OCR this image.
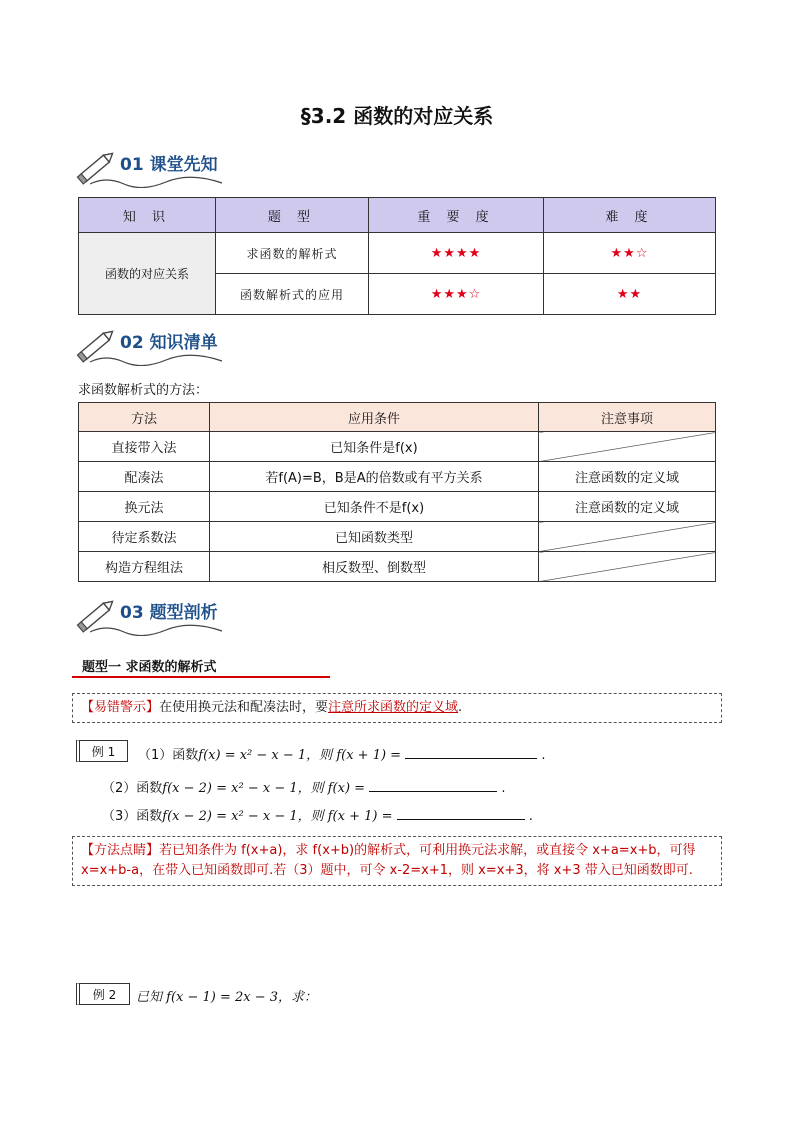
§3.2 函数的对应关系
01 课堂先知
知 识	题 型	重 要 度	难 度
函数的对应关系	求函数的解析式	★★★★	★★☆
	函数解析式的应用	★★★☆	★★
02 知识清单
求函数解析式的方法：
方法	应用条件	注意事项
直接带入法	已知条件是f(x)	
配凑法	若f(A)=B，B是A的倍数或有平方关系	注意函数的定义域
换元法	已知条件不是f(x)	注意函数的定义域
待定系数法	已知函数类型	
构造方程组法	相反数型、倒数型	
03 题型剖析
题型一 求函数的解析式
【易错警示】在使用换元法和配凑法时，要注意所求函数的定义域.
例 1	（1）函数f(x) = x² − x − 1，则 f(x + 1) =	.
（2）函数f(x − 2) = x² − x − 1，则 f(x) =	.
（3）函数f(x − 2) = x² − x − 1，则 f(x + 1) =	.
【方法点睛】若已知条件为 f(x+a)，求 f(x+b)的解析式，可利用换元法求解，或直接令 x+a=x+b，可得
x=x+b-a，在带入已知函数即可.若（3）题中，可令 x-2=x+1，则 x=x+3，将 x+3 带入已知函数即可.
例 2	已知 f(x − 1) = 2x − 3，求：
